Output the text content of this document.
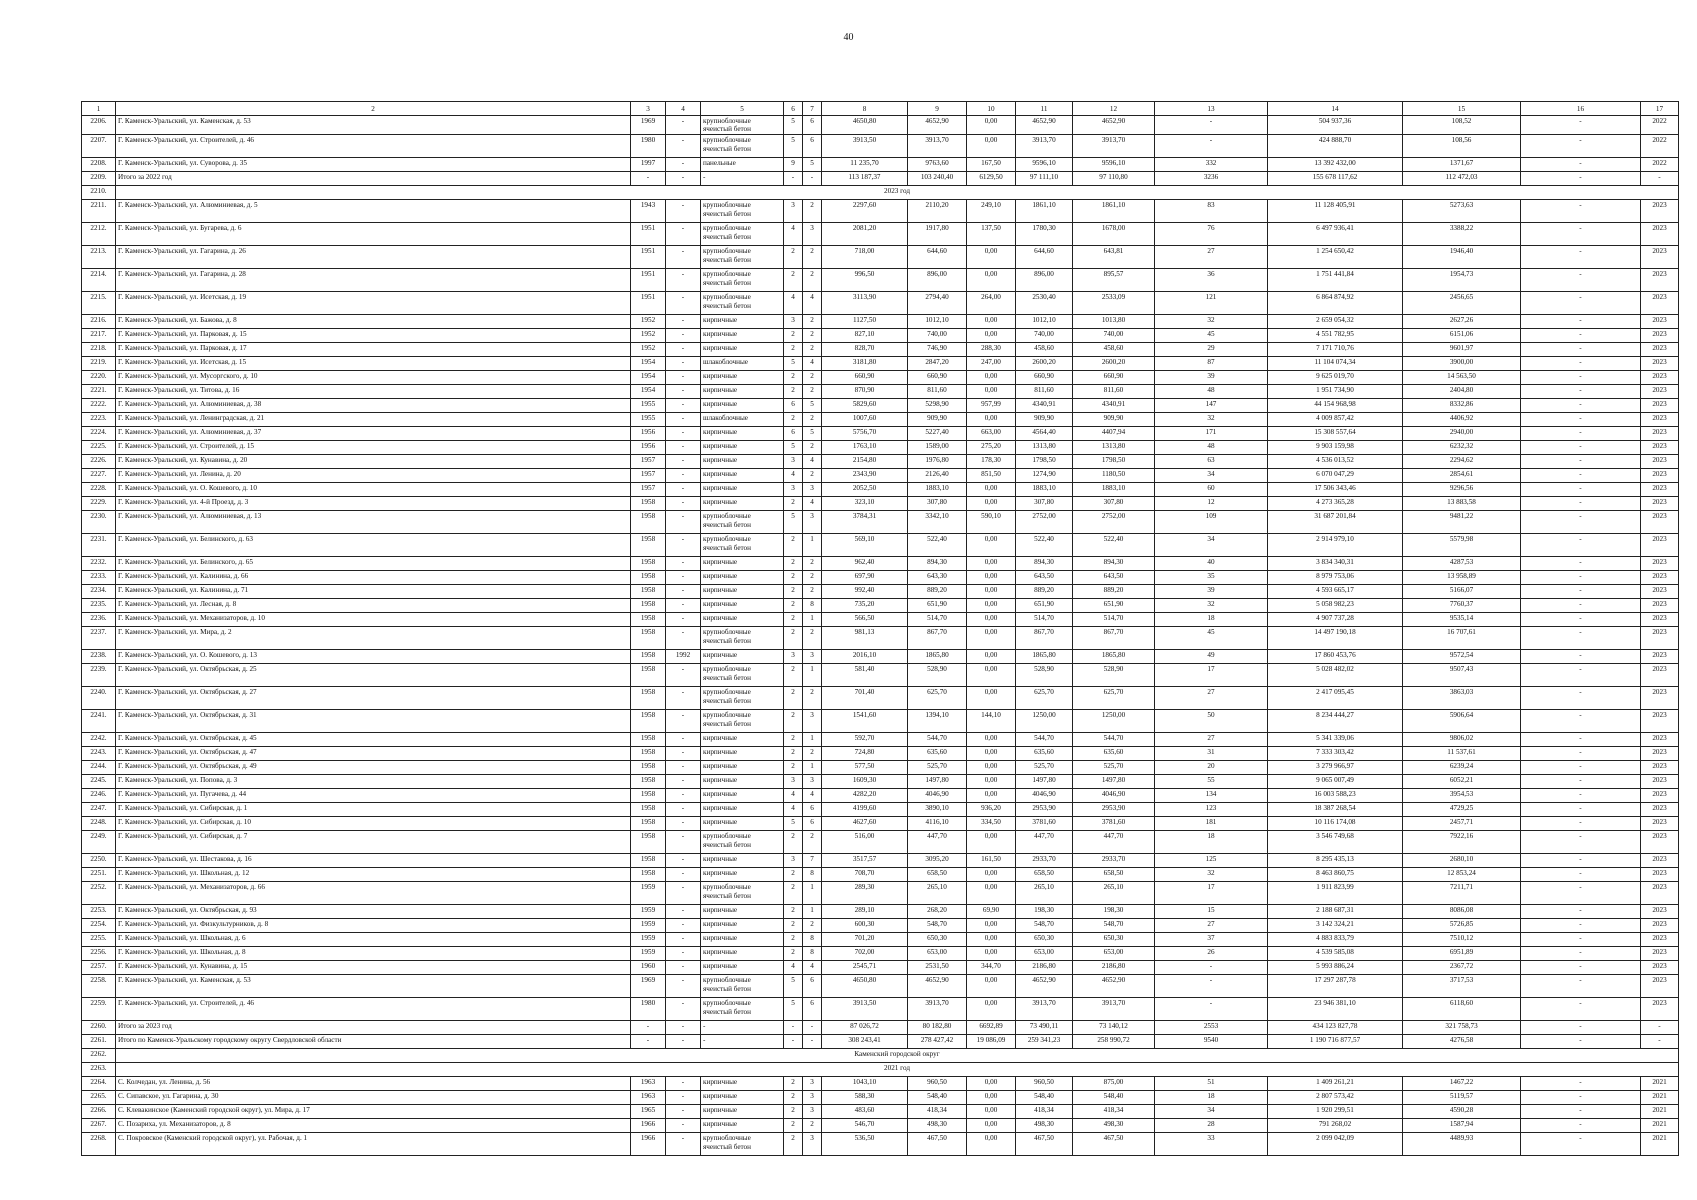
40
1	2	3	4	5	6	7	8	9	10	11	12	13	14	15	16	17
2206.	Г. Каменск-Уральский, ул. Каменская, д. 53	1969	-	крупноблочные ячеистый бетон	5	6	4650,80	4652,90	0,00	4652,90	4652,90	-	504 937,36	108,52	-	2022
2207.	Г. Каменск-Уральский, ул. Строителей, д. 46	1980	-	крупноблочные ячеистый бетон	5	6	3913,50	3913,70	0,00	3913,70	3913,70	-	424 888,70	108,56	-	2022
2208.	Г. Каменск-Уральский, ул. Суворова, д. 35	1997	-	панельные	9	5	11 235,70	9763,60	167,50	9596,10	9596,10	332	13 392 432,00	1371,67	-	2022
2209.	Итого за 2022 год	-	-	-	-	-	113 187,37	103 240,40	6129,50	97 111,10	97 110,80	3236	155 678 117,62	112 472,03	-	-
2210.	2023 год															
2211.	Г. Каменск-Уральский, ул. Алюминиевая, д. 5	1943	-	крупноблочные ячеистый бетон	3	2	2297,60	2110,20	249,10	1861,10	1861,10	83	11 128 405,91	5273,63	-	2023
2212.	Г. Каменск-Уральский, ул. Бугарева, д. 6	1951	-	крупноблочные ячеистый бетон	4	3	2081,20	1917,80	137,50	1780,30	1678,00	76	6 497 936,41	3388,22	-	2023
2213.	Г. Каменск-Уральский, ул. Гагарина, д. 26	1951	-	крупноблочные ячеистый бетон	2	2	718,00	644,60	0,00	644,60	643,81	27	1 254 650,42	1946,40	-	2023
2214.	Г. Каменск-Уральский, ул. Гагарина, д. 28	1951	-	крупноблочные ячеистый бетон	2	2	996,50	896,00	0,00	896,00	895,57	36	1 751 441,84	1954,73	-	2023
2215.	Г. Каменск-Уральский, ул. Исетская, д. 19	1951	-	крупноблочные ячеистый бетон	4	4	3113,90	2794,40	264,00	2530,40	2533,09	121	6 864 874,92	2456,65	-	2023
2216.	Г. Каменск-Уральский, ул. Бажова, д. 8	1952	-	кирпичные	3	2	1127,50	1012,10	0,00	1012,10	1013,80	32	2 659 054,32	2627,26	-	2023
2217.	Г. Каменск-Уральский, ул. Парковая, д. 15	1952	-	кирпичные	2	2	827,10	740,00	0,00	740,00	740,00	45	4 551 782,95	6151,06	-	2023
2218.	Г. Каменск-Уральский, ул. Парковая, д. 17	1952	-	кирпичные	2	2	828,70	746,90	288,30	458,60	458,60	29	7 171 710,76	9601,97	-	2023
2219.	Г. Каменск-Уральский, ул. Исетская, д. 15	1954	-	шлакоблочные	5	4	3181,80	2847,20	247,00	2600,20	2600,20	87	11 104 074,34	3900,00	-	2023
2220.	Г. Каменск-Уральский, ул. Мусоргского, д. 10	1954	-	кирпичные	2	2	660,90	660,90	0,00	660,90	660,90	39	9 625 019,70	14 563,50	-	2023
2221.	Г. Каменск-Уральский, ул. Титова, д. 16	1954	-	кирпичные	2	2	870,90	811,60	0,00	811,60	811,60	48	1 951 734,90	2404,80	-	2023
2222.	Г. Каменск-Уральский, ул. Алюминиевая, д. 38	1955	-	кирпичные	6	5	5829,60	5298,90	957,99	4340,91	4340,91	147	44 154 968,98	8332,86	-	2023
2223.	Г. Каменск-Уральский, ул. Ленинградская, д. 21	1955	-	шлакоблочные	2	2	1007,60	909,90	0,00	909,90	909,90	32	4 009 857,42	4406,92	-	2023
2224.	Г. Каменск-Уральский, ул. Алюминиевая, д. 37	1956	-	кирпичные	6	5	5756,70	5227,40	663,00	4564,40	4407,94	171	15 308 557,64	2940,00	-	2023
2225.	Г. Каменск-Уральский, ул. Строителей, д. 15	1956	-	кирпичные	5	2	1763,10	1589,00	275,20	1313,80	1313,80	48	9 903 159,98	6232,32	-	2023
2226.	Г. Каменск-Уральский, ул. Кунавина, д. 20	1957	-	кирпичные	3	4	2154,80	1976,80	178,30	1798,50	1798,50	63	4 536 013,52	2294,62	-	2023
2227.	Г. Каменск-Уральский, ул. Ленина, д. 20	1957	-	кирпичные	4	2	2343,90	2126,40	851,50	1274,90	1180,50	34	6 070 047,29	2854,61	-	2023
2228.	Г. Каменск-Уральский, ул. О. Кошевого, д. 10	1957	-	кирпичные	3	3	2052,50	1883,10	0,00	1883,10	1883,10	60	17 506 343,46	9296,56	-	2023
2229.	Г. Каменск-Уральский, ул. 4-й Проезд, д. 3	1958	-	кирпичные	2	4	323,10	307,80	0,00	307,80	307,80	12	4 273 365,28	13 883,58	-	2023
2230.	Г. Каменск-Уральский, ул. Алюминиевая, д. 13	1958	-	крупноблочные ячеистый бетон	5	3	3784,31	3342,10	590,10	2752,00	2752,00	109	31 687 201,84	9481,22	-	2023
2231.	Г. Каменск-Уральский, ул. Белинского, д. 63	1958	-	крупноблочные ячеистый бетон	2	1	569,10	522,40	0,00	522,40	522,40	34	2 914 979,10	5579,98	-	2023
2232.	Г. Каменск-Уральский, ул. Белинского, д. 65	1958	-	кирпичные	2	2	962,40	894,30	0,00	894,30	894,30	40	3 834 340,31	4287,53	-	2023
2233.	Г. Каменск-Уральский, ул. Калинина, д. 66	1958	-	кирпичные	2	2	697,90	643,30	0,00	643,50	643,50	35	8 979 753,06	13 958,89	-	2023
2234.	Г. Каменск-Уральский, ул. Калинина, д. 71	1958	-	кирпичные	2	2	992,40	889,20	0,00	889,20	889,20	39	4 593 665,17	5166,07	-	2023
2235.	Г. Каменск-Уральский, ул. Лесная, д. 8	1958	-	кирпичные	2	8	735,20	651,90	0,00	651,90	651,90	32	5 058 982,23	7760,37	-	2023
2236.	Г. Каменск-Уральский, ул. Механизаторов, д. 10	1958	-	кирпичные	2	1	566,50	514,70	0,00	514,70	514,70	18	4 907 737,28	9535,14	-	2023
2237.	Г. Каменск-Уральский, ул. Мира, д. 2	1958	-	крупноблочные ячеистый бетон	2	2	981,13	867,70	0,00	867,70	867,70	45	14 497 190,18	16 707,61	-	2023
2238.	Г. Каменск-Уральский, ул. О. Кошевого, д. 13	1958	1992	кирпичные	3	3	2016,10	1865,80	0,00	1865,80	1865,80	49	17 860 453,76	9572,54	-	2023
2239.	Г. Каменск-Уральский, ул. Октябрьская, д. 25	1958	-	крупноблочные ячеистый бетон	2	1	581,40	528,90	0,00	528,90	528,90	17	5 028 482,02	9507,43	-	2023
2240.	Г. Каменск-Уральский, ул. Октябрьская, д. 27	1958	-	крупноблочные ячеистый бетон	2	2	701,40	625,70	0,00	625,70	625,70	27	2 417 095,45	3863,03	-	2023
2241.	Г. Каменск-Уральский, ул. Октябрьская, д. 31	1958	-	крупноблочные ячеистый бетон	2	3	1541,60	1394,10	144,10	1250,00	1250,00	50	8 234 444,27	5906,64	-	2023
2242.	Г. Каменск-Уральский, ул. Октябрьская, д. 45	1958	-	кирпичные	2	1	592,70	544,70	0,00	544,70	544,70	27	5 341 339,06	9806,02	-	2023
2243.	Г. Каменск-Уральский, ул. Октябрьская, д. 47	1958	-	кирпичные	2	2	724,80	635,60	0,00	635,60	635,60	31	7 333 303,42	11 537,61	-	2023
2244.	Г. Каменск-Уральский, ул. Октябрьская, д. 49	1958	-	кирпичные	2	1	577,50	525,70	0,00	525,70	525,70	20	3 279 966,97	6239,24	-	2023
2245.	Г. Каменск-Уральский, ул. Попова, д. 3	1958	-	кирпичные	3	3	1609,30	1497,80	0,00	1497,80	1497,80	55	9 065 007,49	6052,21	-	2023
2246.	Г. Каменск-Уральский, ул. Пугачева, д. 44	1958	-	кирпичные	4	4	4282,20	4046,90	0,00	4046,90	4046,90	134	16 003 588,23	3954,53	-	2023
2247.	Г. Каменск-Уральский, ул. Сибирская, д. 1	1958	-	кирпичные	4	6	4199,60	3890,10	936,20	2953,90	2953,90	123	18 387 268,54	4729,25	-	2023
2248.	Г. Каменск-Уральский, ул. Сибирская, д. 10	1958	-	кирпичные	5	6	4627,60	4116,10	334,50	3781,60	3781,60	181	10 116 174,08	2457,71	-	2023
2249.	Г. Каменск-Уральский, ул. Сибирская, д. 7	1958	-	крупноблочные ячеистый бетон	2	2	516,00	447,70	0,00	447,70	447,70	18	3 546 749,68	7922,16	-	2023
2250.	Г. Каменск-Уральский, ул. Шестакова, д. 16	1958	-	кирпичные	3	7	3517,57	3095,20	161,50	2933,70	2933,70	125	8 295 435,13	2680,10	-	2023
2251.	Г. Каменск-Уральский, ул. Школьная, д. 12	1958	-	кирпичные	2	8	708,70	658,50	0,00	658,50	658,50	32	8 463 860,75	12 853,24	-	2023
2252.	Г. Каменск-Уральский, ул. Механизаторов, д. 66	1959	-	крупноблочные ячеистый бетон	2	1	289,30	265,10	0,00	265,10	265,10	17	1 911 823,99	7211,71	-	2023
2253.	Г. Каменск-Уральский, ул. Октябрьская, д. 93	1959	-	кирпичные	2	1	289,10	268,20	69,90	198,30	198,30	15	2 188 687,31	8086,08	-	2023
2254.	Г. Каменск-Уральский, ул. Физкультурников, д. 8	1959	-	кирпичные	2	2	600,30	548,70	0,00	548,70	548,70	27	3 142 324,21	5726,85	-	2023
2255.	Г. Каменск-Уральский, ул. Школьная, д. 6	1959	-	кирпичные	2	8	701,20	650,30	0,00	650,30	650,30	37	4 883 833,79	7510,12	-	2023
2256.	Г. Каменск-Уральский, ул. Школьная, д. 8	1959	-	кирпичные	2	8	702,00	653,00	0,00	653,00	653,00	26	4 539 585,08	6951,89	-	2023
2257.	Г. Каменск-Уральский, ул. Кунавина, д. 15	1960	-	кирпичные	4	4	2545,71	2531,50	344,70	2186,80	2186,80	-	5 993 886,24	2367,72	-	2023
2258.	Г. Каменск-Уральский, ул. Каменская, д. 53	1969	-	крупноблочные ячеистый бетон	5	6	4650,80	4652,90	0,00	4652,90	4652,90	-	17 297 287,78	3717,53	-	2023
2259.	Г. Каменск-Уральский, ул. Строителей, д. 46	1980	-	крупноблочные ячеистый бетон	5	6	3913,50	3913,70	0,00	3913,70	3913,70	-	23 946 381,10	6118,60	-	2023
2260.	Итого за 2023 год	-	-	-	-	-	87 026,72	80 182,80	6692,89	73 490,11	73 140,12	2553	434 123 827,78	321 758,73	-	-
2261.	Итого по Каменск-Уральскому городскому округу Свердловской области	-	-	-	-	-	308 243,41	278 427,42	19 086,09	259 341,23	258 990,72	9540	1 190 716 877,57	4276,58	-	-
2262.	Каменский городской округ															
2263.	2021 год															
2264.	С. Колчедан, ул. Ленина, д. 56	1963	-	кирпичные	2	3	1043,10	960,50	0,00	960,50	875,00	51	1 409 261,21	1467,22	-	2021
2265.	С. Сипавское, ул. Гагарина, д. 30	1963	-	кирпичные	2	3	588,30	548,40	0,00	548,40	548,40	18	2 807 573,42	5119,57	-	2021
2266.	С. Клевакинское (Каменский городской округ), ул. Мира, д. 17	1965	-	кирпичные	2	3	483,60	418,34	0,00	418,34	418,34	34	1 920 299,51	4590,28	-	2021
2267.	С. Позариха, ул. Механизаторов, д. 8	1966	-	кирпичные	2	2	546,70	498,30	0,00	498,30	498,30	28	791 268,02	1587,94	-	2021
2268.	С. Покровское (Каменский городской округ), ул. Рабочая, д. 1	1966	-	крупноблочные ячеистый бетон	2	3	536,50	467,50	0,00	467,50	467,50	33	2 099 042,09	4489,93	-	2021
